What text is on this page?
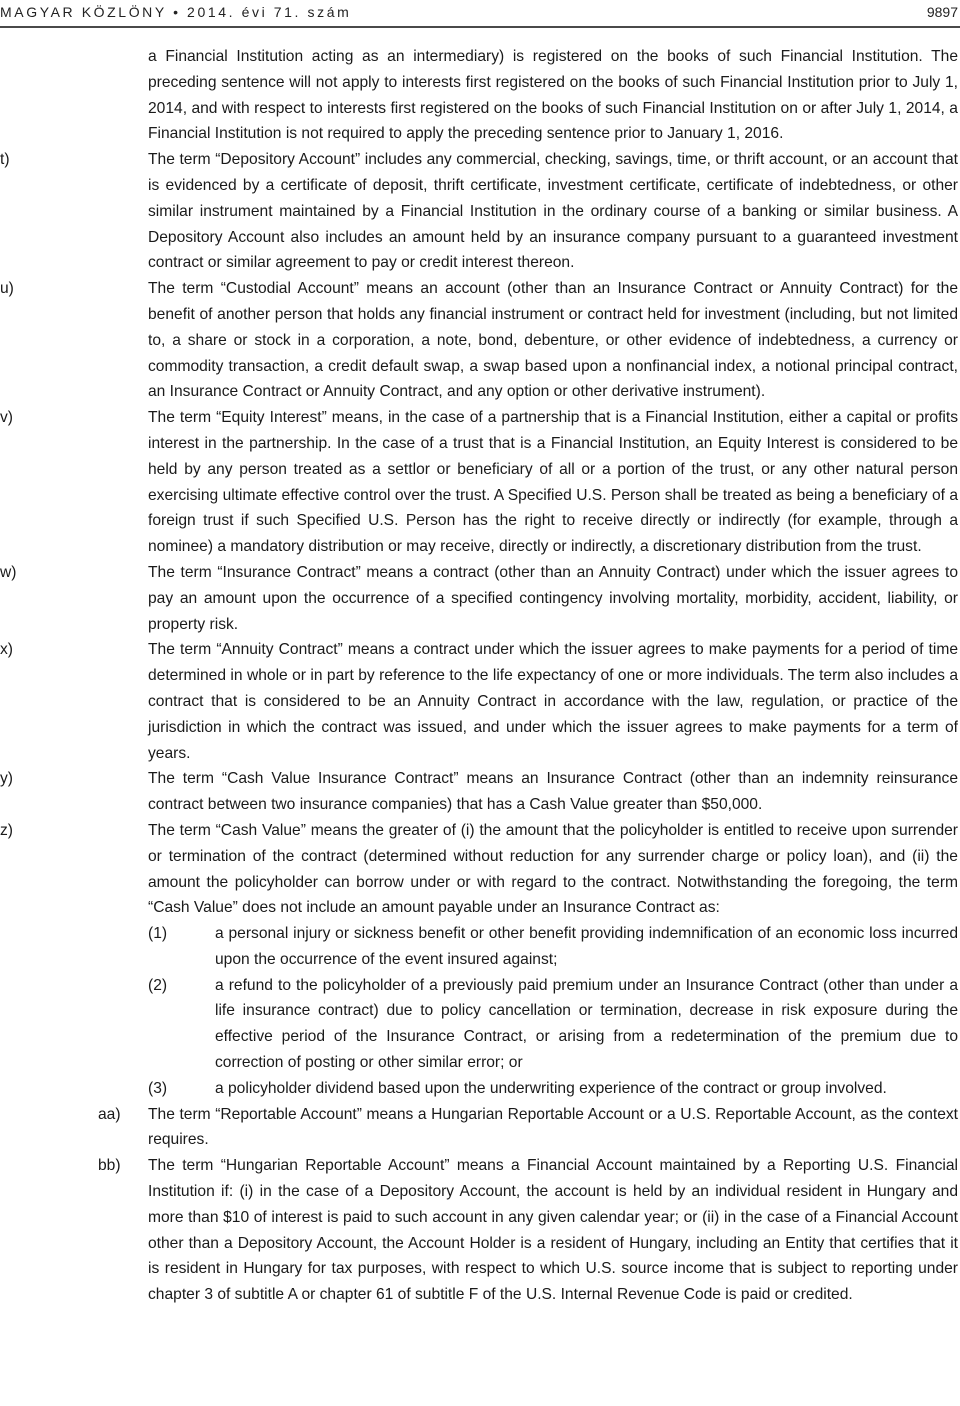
MAGYAR KÖZLÖNY • 2014. évi 71. szám	9897
a Financial Institution acting as an intermediary) is registered on the books of such Financial Institution. The preceding sentence will not apply to interests first registered on the books of such Financial Institution prior to July 1, 2014, and with respect to interests first registered on the books of such Financial Institution on or after July 1, 2014, a Financial Institution is not required to apply the preceding sentence prior to January 1, 2016.
t)	The term “Depository Account” includes any commercial, checking, savings, time, or thrift account, or an account that is evidenced by a certificate of deposit, thrift certificate, investment certificate, certificate of indebtedness, or other similar instrument maintained by a Financial Institution in the ordinary course of a banking or similar business. A Depository Account also includes an amount held by an insurance company pursuant to a guaranteed investment contract or similar agreement to pay or credit interest thereon.
u)	The term “Custodial Account” means an account (other than an Insurance Contract or Annuity Contract) for the benefit of another person that holds any financial instrument or contract held for investment (including, but not limited to, a share or stock in a corporation, a note, bond, debenture, or other evidence of indebtedness, a currency or commodity transaction, a credit default swap, a swap based upon a nonfinancial index, a notional principal contract, an Insurance Contract or Annuity Contract, and any option or other derivative instrument).
v)	The term “Equity Interest” means, in the case of a partnership that is a Financial Institution, either a capital or profits interest in the partnership. In the case of a trust that is a Financial Institution, an Equity Interest is considered to be held by any person treated as a settlor or beneficiary of all or a portion of the trust, or any other natural person exercising ultimate effective control over the trust. A Specified U.S. Person shall be treated as being a beneficiary of a foreign trust if such Specified U.S. Person has the right to receive directly or indirectly (for example, through a nominee) a mandatory distribution or may receive, directly or indirectly, a discretionary distribution from the trust.
w)	The term “Insurance Contract” means a contract (other than an Annuity Contract) under which the issuer agrees to pay an amount upon the occurrence of a specified contingency involving mortality, morbidity, accident, liability, or property risk.
x)	The term “Annuity Contract” means a contract under which the issuer agrees to make payments for a period of time determined in whole or in part by reference to the life expectancy of one or more individuals. The term also includes a contract that is considered to be an Annuity Contract in accordance with the law, regulation, or practice of the jurisdiction in which the contract was issued, and under which the issuer agrees to make payments for a term of years.
y)	The term “Cash Value Insurance Contract” means an Insurance Contract (other than an indemnity reinsurance contract between two insurance companies) that has a Cash Value greater than $50,000.
z)	The term “Cash Value” means the greater of (i) the amount that the policyholder is entitled to receive upon surrender or termination of the contract (determined without reduction for any surrender charge or policy loan), and (ii) the amount the policyholder can borrow under or with regard to the contract. Notwithstanding the foregoing, the term “Cash Value” does not include an amount payable under an Insurance Contract as:
(1)	a personal injury or sickness benefit or other benefit providing indemnification of an economic loss incurred upon the occurrence of the event insured against;
(2)	a refund to the policyholder of a previously paid premium under an Insurance Contract (other than under a life insurance contract) due to policy cancellation or termination, decrease in risk exposure during the effective period of the Insurance Contract, or arising from a redetermination of the premium due to correction of posting or other similar error; or
(3)	a policyholder dividend based upon the underwriting experience of the contract or group involved.
aa) The term “Reportable Account” means a Hungarian Reportable Account or a U.S. Reportable Account, as the context requires.
bb) The term “Hungarian Reportable Account” means a Financial Account maintained by a Reporting U.S. Financial Institution if: (i) in the case of a Depository Account, the account is held by an individual resident in Hungary and more than $10 of interest is paid to such account in any given calendar year; or (ii) in the case of a Financial Account other than a Depository Account, the Account Holder is a resident of Hungary, including an Entity that certifies that it is resident in Hungary for tax purposes, with respect to which U.S. source income that is subject to reporting under chapter 3 of subtitle A or chapter 61 of subtitle F of the U.S. Internal Revenue Code is paid or credited.
